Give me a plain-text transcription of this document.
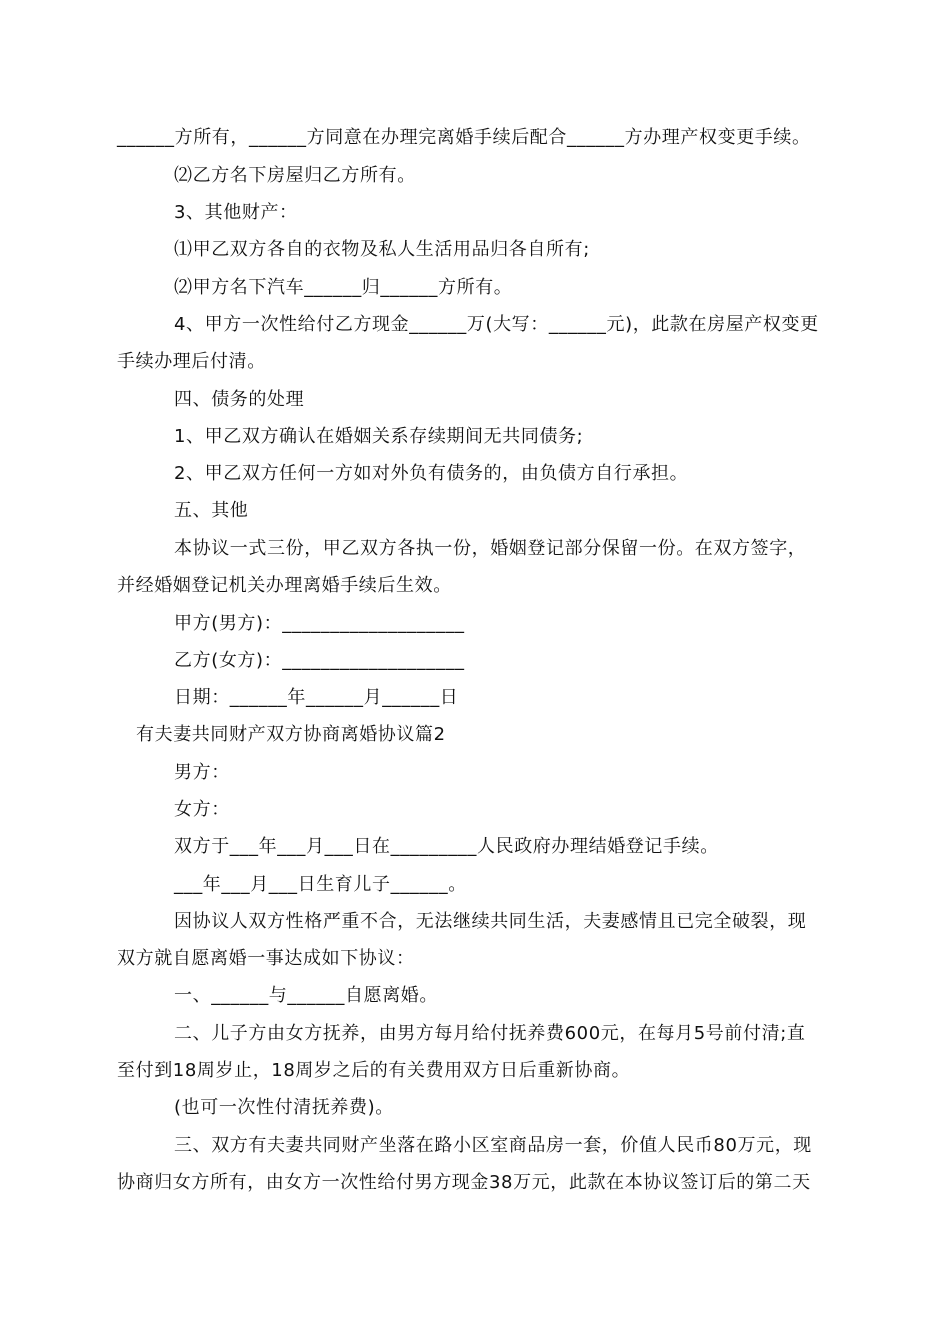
______方所有，______方同意在办理完离婚手续后配合______方办理产权变更手续。
⑵乙方名下房屋归乙方所有。
3、其他财产：
⑴甲乙双方各自的衣物及私人生活用品归各自所有;
⑵甲方名下汽车______归______方所有。
4、甲方一次性给付乙方现金______万(大写：______元)，此款在房屋产权变更
手续办理后付清。
四、债务的处理
1、甲乙双方确认在婚姻关系存续期间无共同债务;
2、甲乙双方任何一方如对外负有债务的，由负债方自行承担。
五、其他
本协议一式三份，甲乙双方各执一份，婚姻登记部分保留一份。在双方签字，
并经婚姻登记机关办理离婚手续后生效。
甲方(男方)：___________________
乙方(女方)：___________________
日期：______年______月______日
有夫妻共同财产双方协商离婚协议篇2
男方：
女方：
双方于___年___月___日在_________人民政府办理结婚登记手续。
___年___月___日生育儿子______。
因协议人双方性格严重不合，无法继续共同生活，夫妻感情且已完全破裂，现
双方就自愿离婚一事达成如下协议：
一、______与______自愿离婚。
二、儿子方由女方抚养，由男方每月给付抚养费600元，在每月5号前付清;直
至付到18周岁止，18周岁之后的有关费用双方日后重新协商。
(也可一次性付清抚养费)。
三、双方有夫妻共同财产坐落在路小区室商品房一套，价值人民币80万元，现
协商归女方所有，由女方一次性给付男方现金38万元，此款在本协议签订后的第二天
